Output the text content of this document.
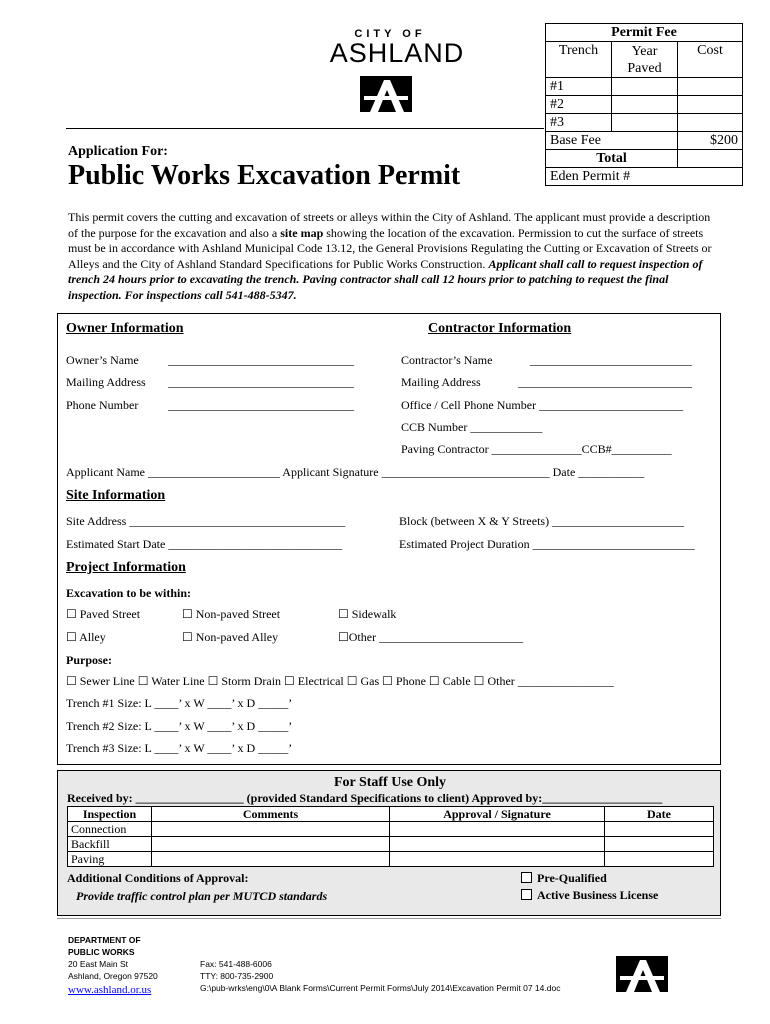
CITY OF
ASHLAND
Application For:
Public Works Excavation Permit
Permit Fee		
Trench	Year Paved	Cost
#1		
#2		
#3		
Base Fee		$200
Total		
Eden Permit #		
This permit covers the cutting and excavation of streets or alleys within the City of Ashland. The applicant must provide a description of the purpose for the excavation and also a site map showing the location of the excavation. Permission to cut the surface of streets must be in accordance with Ashland Municipal Code 13.12, the General Provisions Regulating the Cutting or Excavation of Streets or Alleys and the City of Ashland Standard Specifications for Public Works Construction. Applicant shall call to request inspection of trench 24 hours prior to excavating the trench. Paving contractor shall call 12 hours prior to patching to request the final inspection. For inspections call 541-488-5347.
Owner Information	Contractor Information
Owner’s Name _______________________________
Mailing Address _______________________________
Phone Number _______________________________
Contractor’s Name	___________________________
Mailing Address	_____________________________
Office / Cell Phone Number ________________________
CCB Number ____________
Paving Contractor _______________CCB#__________
Applicant Name ______________________ Applicant Signature ____________________________ Date ___________
Site Information
Site Address ____________________________________	Block (between X & Y Streets) ______________________
Estimated Start Date _____________________________	Estimated Project Duration ___________________________
Project Information
Excavation to be within:
☐ Paved Street	☐ Non-paved Street	☐ Sidewalk
☐ Alley	☐ Non-paved Alley	☐Other ________________________
Purpose:
☐ Sewer Line ☐ Water Line ☐ Storm Drain ☐ Electrical ☐ Gas ☐ Phone ☐ Cable ☐ Other ________________
Trench #1 Size: L ____’ x W ____’ x D _____’
Trench #2 Size: L ____’ x W ____’ x D _____’
Trench #3 Size: L ____’ x W ____’ x D _____’
For Staff Use Only
Received by: __________________ (provided Standard Specifications to client) Approved by:____________________
Inspection	Comments	Approval / Signature	Date
Connection			
Backfill			
Paving			
Additional Conditions of Approval:
Provide traffic control plan per MUTCD standards
Pre-Qualified
Active Business License
DEPARTMENT OF
PUBLIC WORKS
20 East Main St
Ashland, Oregon 97520
www.ashland.or.us
Fax: 541-488-6006
TTY: 800-735-2900
G:\pub-wrks\eng\0\A Blank Forms\Current Permit Forms\July 2014\Excavation Permit 07 14.doc
